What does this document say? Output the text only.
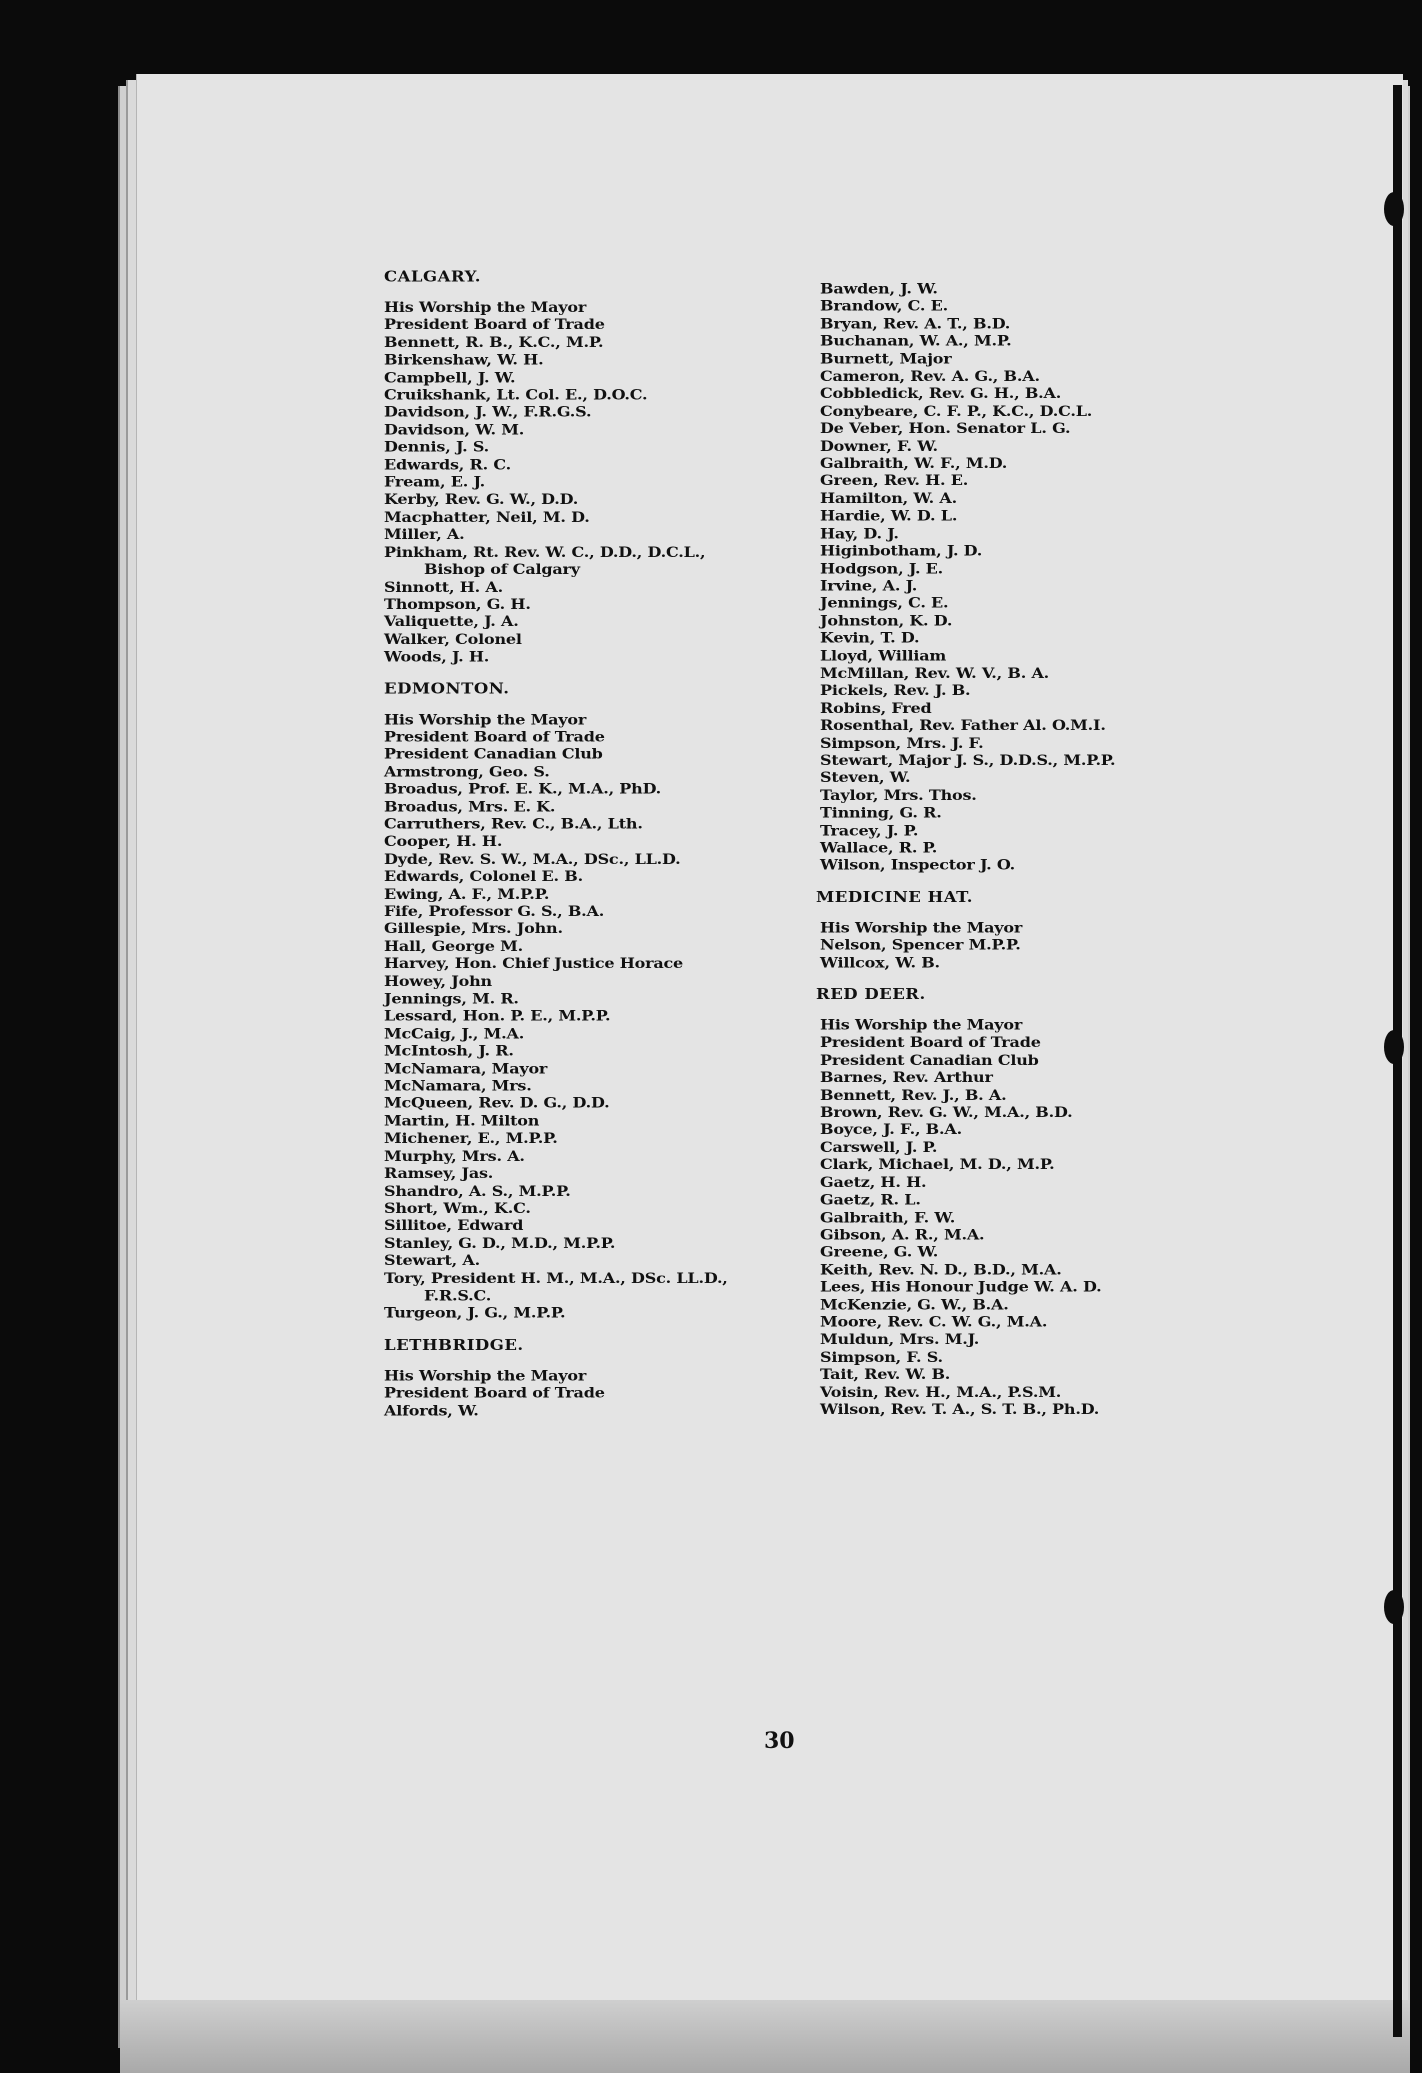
CALGARY.
His Worship the Mayor
President Board of Trade
Bennett, R. B., K.C., M.P.
Birkenshaw, W. H.
Campbell, J. W.
Cruikshank, Lt. Col. E., D.O.C.
Davidson, J. W., F.R.G.S.
Davidson, W. M.
Dennis, J. S.
Edwards, R. C.
Fream, E. J.
Kerby, Rev. G. W., D.D.
Macphatter, Neil, M. D.
Miller, A.
Pinkham, Rt. Rev. W. C., D.D., D.C.L.,
Bishop of Calgary
Sinnott, H. A.
Thompson, G. H.
Valiquette, J. A.
Walker, Colonel
Woods, J. H.
EDMONTON.
His Worship the Mayor
President Board of Trade
President Canadian Club
Armstrong, Geo. S.
Broadus, Prof. E. K., M.A., PhD.
Broadus, Mrs. E. K.
Carruthers, Rev. C., B.A., Lth.
Cooper, H. H.
Dyde, Rev. S. W., M.A., DSc., LL.D.
Edwards, Colonel E. B.
Ewing, A. F., M.P.P.
Fife, Professor G. S., B.A.
Gillespie, Mrs. John.
Hall, George M.
Harvey, Hon. Chief Justice Horace
Howey, John
Jennings, M. R.
Lessard, Hon. P. E., M.P.P.
McCaig, J., M.A.
McIntosh, J. R.
McNamara, Mayor
McNamara, Mrs.
McQueen, Rev. D. G., D.D.
Martin, H. Milton
Michener, E., M.P.P.
Murphy, Mrs. A.
Ramsey, Jas.
Shandro, A. S., M.P.P.
Short, Wm., K.C.
Sillitoe, Edward
Stanley, G. D., M.D., M.P.P.
Stewart, A.
Tory, President H. M., M.A., DSc. LL.D.,
F.R.S.C.
Turgeon, J. G., M.P.P.
LETHBRIDGE.
His Worship the Mayor
President Board of Trade
Alfords, W.
Bawden, J. W.
Brandow, C. E.
Bryan, Rev. A. T., B.D.
Buchanan, W. A., M.P.
Burnett, Major
Cameron, Rev. A. G., B.A.
Cobbledick, Rev. G. H., B.A.
Conybeare, C. F. P., K.C., D.C.L.
De Veber, Hon. Senator L. G.
Downer, F. W.
Galbraith, W. F., M.D.
Green, Rev. H. E.
Hamilton, W. A.
Hardie, W. D. L.
Hay, D. J.
Higinbotham, J. D.
Hodgson, J. E.
Irvine, A. J.
Jennings, C. E.
Johnston, K. D.
Kevin, T. D.
Lloyd, William
McMillan, Rev. W. V., B. A.
Pickels, Rev. J. B.
Robins, Fred
Rosenthal, Rev. Father Al. O.M.I.
Simpson, Mrs. J. F.
Stewart, Major J. S., D.D.S., M.P.P.
Steven, W.
Taylor, Mrs. Thos.
Tinning, G. R.
Tracey, J. P.
Wallace, R. P.
Wilson, Inspector J. O.
MEDICINE HAT.
His Worship the Mayor
Nelson, Spencer M.P.P.
Willcox, W. B.
RED DEER.
His Worship the Mayor
President Board of Trade
President Canadian Club
Barnes, Rev. Arthur
Bennett, Rev. J., B. A.
Brown, Rev. G. W., M.A., B.D.
Boyce, J. F., B.A.
Carswell, J. P.
Clark, Michael, M. D., M.P.
Gaetz, H. H.
Gaetz, R. L.
Galbraith, F. W.
Gibson, A. R., M.A.
Greene, G. W.
Keith, Rev. N. D., B.D., M.A.
Lees, His Honour Judge W. A. D.
McKenzie, G. W., B.A.
Moore, Rev. C. W. G., M.A.
Muldun, Mrs. M.J.
Simpson, F. S.
Tait, Rev. W. B.
Voisin, Rev. H., M.A., P.S.M.
Wilson, Rev. T. A., S. T. B., Ph.D.
30
